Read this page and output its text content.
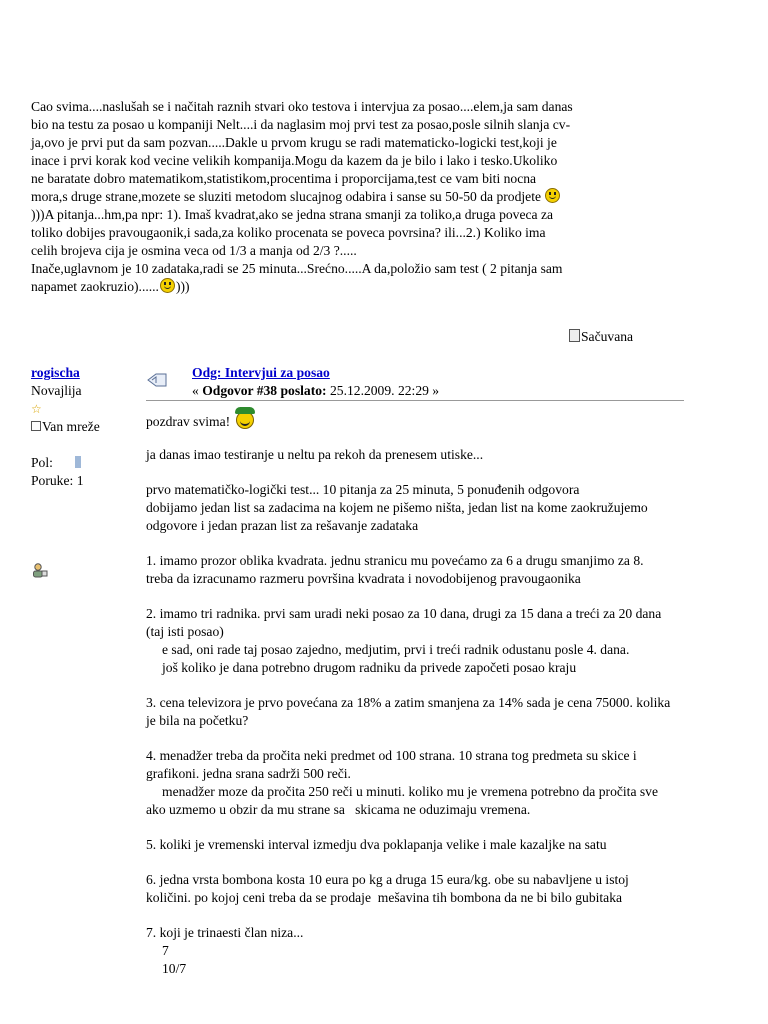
Cao svima....naslušah se i načitah raznih stvari oko testova i intervjua za posao....elem,ja sam danas
bio na testu za posao u kompaniji Nelt....i da naglasim moj prvi test za posao,posle silnih slanja cv-
ja,ovo je prvi put da sam pozvan.....Dakle u prvom krugu se radi matematicko-logicki test,koji je
inace i prvi korak kod vecine velikih kompanija.Mogu da kazem da je bilo i lako i tesko.Ukoliko
ne baratate dobro matematikom,statistikom,procentima i proporcijama,test ce vam biti nocna
mora,s druge strane,mozete se sluziti metodom slucajnog odabira i sanse su 50-50 da prodjete
)))A pitanja...hm,pa npr: 1). Imaš kvadrat,ako se jedna strana smanji za toliko,a druga poveca za
toliko dobijes pravougaonik,i sada,za koliko procenata se poveca povrsina? ili...2.) Koliko ima
celih brojeva cija je osmina veca od 1/3 a manja od 2/3 ?.....
Inače,uglavnom je 10 zadataka,radi se 25 minuta...Srećno.....A da,položio sam test ( 2 pitanja sam
napamet zaokruzio)...... )))
Sačuvana
rogischa
Novajlija
☆
Van mreže
Pol:
Poruke: 1
Odg: Intervjui za posao
« Odgovor #38 poslato: 25.12.2009. 22:29 »
pozdrav svima!
ja danas imao testiranje u neltu pa rekoh da prenesem utiske...
prvo matematičko-logički test... 10 pitanja za 25 minuta, 5 ponuđenih odgovora
dobijamo jedan list sa zadacima na kojem ne pišemo ništa, jedan list na kome zaokružujemo
odgovore i jedan prazan list za rešavanje zadataka
1. imamo prozor oblika kvadrata. jednu stranicu mu povećamo za 6 a drugu smanjimo za 8.
treba da izracunamo razmeru površina kvadrata i novodobijenog pravougaonika
2. imamo tri radnika. prvi sam uradi neki posao za 10 dana, drugi za 15 dana a treći za 20 dana
(taj isti posao)
e sad, oni rade taj posao zajedno, medjutim, prvi i treći radnik odustanu posle 4. dana.
još koliko je dana potrebno drugom radniku da privede započeti posao kraju
3. cena televizora je prvo povećana za 18% a zatim smanjena za 14% sada je cena 75000. kolika
je bila na početku?
4. menadžer treba da pročita neki predmet od 100 strana. 10 strana tog predmeta su skice i
grafikoni. jedna srana sadrži 500 reči.
menadžer moze da pročita 250 reči u minuti. koliko mu je vremena potrebno da pročita sve
ako uzmemo u obzir da mu strane sa   skicama ne oduzimaju vremena.
5. koliki je vremenski interval izmedju dva poklapanja velike i male kazaljke na satu
6. jedna vrsta bombona kosta 10 eura po kg a druga 15 eura/kg. obe su nabavljene u istoj
količini. po kojoj ceni treba da se prodaje  mešavina tih bombona da ne bi bilo gubitaka
7. koji je trinaesti član niza...
7
10/7
